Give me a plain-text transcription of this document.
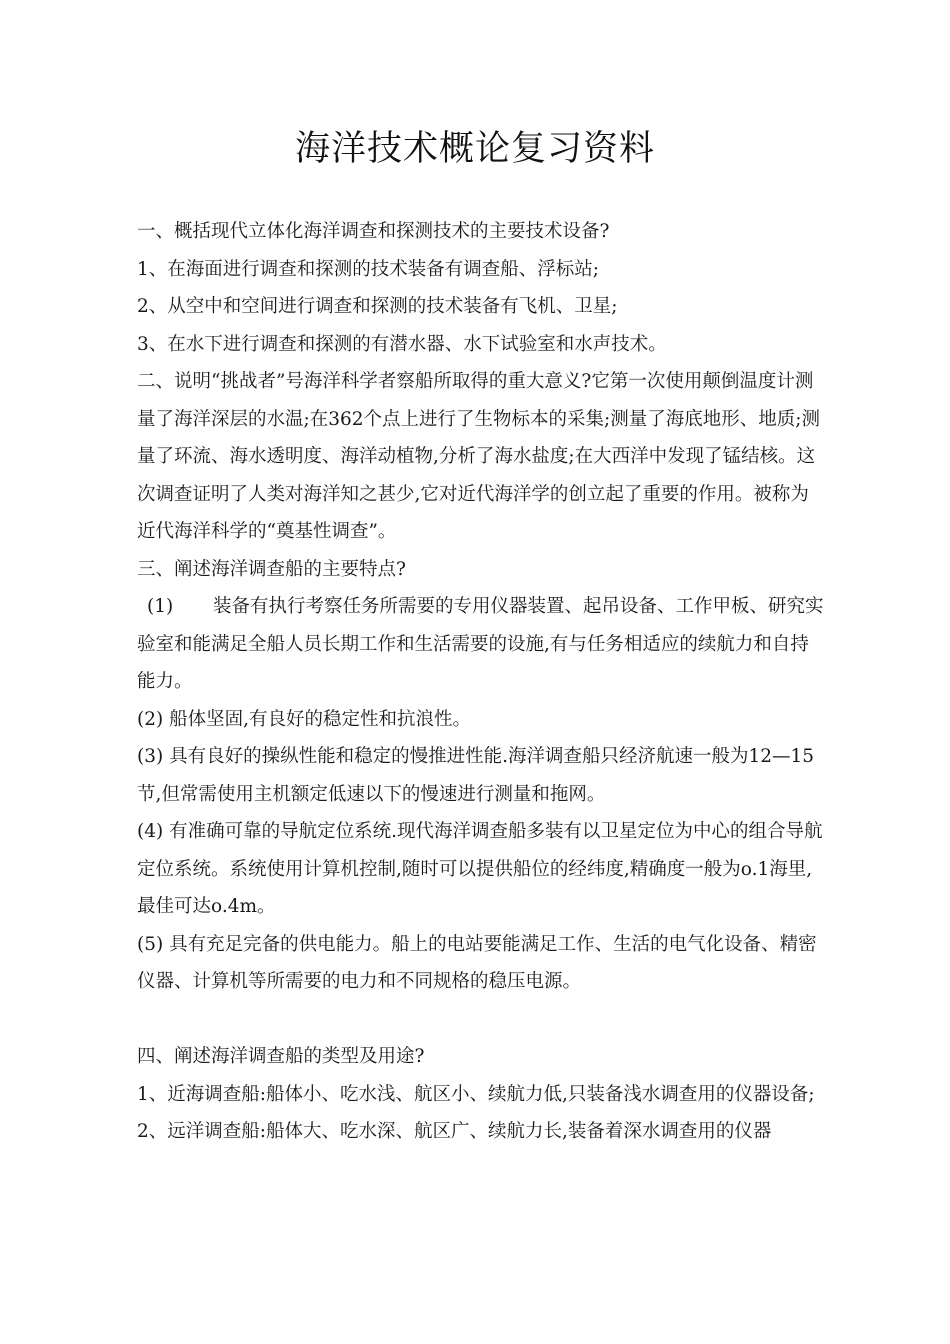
海洋技术概论复习资料

一、概括现代立体化海洋调查和探测技术的主要技术设备?

1、在海面进行调查和探测的技术装备有调查船、浮标站;

2、从空中和空间进行调查和探测的技术装备有飞机、卫星;

3、在水下进行调查和探测的有潜水器、水下试验室和水声技术。

二、说明“挑战者”号海洋科学者察船所取得的重大意义?它第一次使用颠倒温度计测量了海洋深层的水温;在362个点上进行了生物标本的采集;测量了海底地形、地质;测量了环流、海水透明度、海洋动植物,分析了海水盐度;在大西洋中发现了锰结核。这次调查证明了人类对海洋知之甚少,它对近代海洋学的创立起了重要的作用。被称为近代海洋科学的“奠基性调查”。

三、阐述海洋调查船的主要特点?

(1) 装备有执行考察任务所需要的专用仪器装置、起吊设备、工作甲板、研究实验室和能满足全船人员长期工作和生活需要的设施,有与任务相适应的续航力和自持能力。

(2) 船体坚固,有良好的稳定性和抗浪性。

(3) 具有良好的操纵性能和稳定的慢推进性能.海洋调查船只经济航速一般为12—15节,但常需使用主机额定低速以下的慢速进行测量和拖网。

(4) 有准确可靠的导航定位系统.现代海洋调查船多装有以卫星定位为中心的组合导航定位系统。系统使用计算机控制,随时可以提供船位的经纬度,精确度一般为o.1海里,最佳可达o.4m。

(5) 具有充足完备的供电能力。船上的电站要能满足工作、生活的电气化设备、精密仪器、计算机等所需要的电力和不同规格的稳压电源。

四、阐述海洋调查船的类型及用途?

1、近海调查船:船体小、吃水浅、航区小、续航力低,只装备浅水调查用的仪器设备;

2、远洋调查船:船体大、吃水深、航区广、续航力长,装备着深水调查用的仪器
